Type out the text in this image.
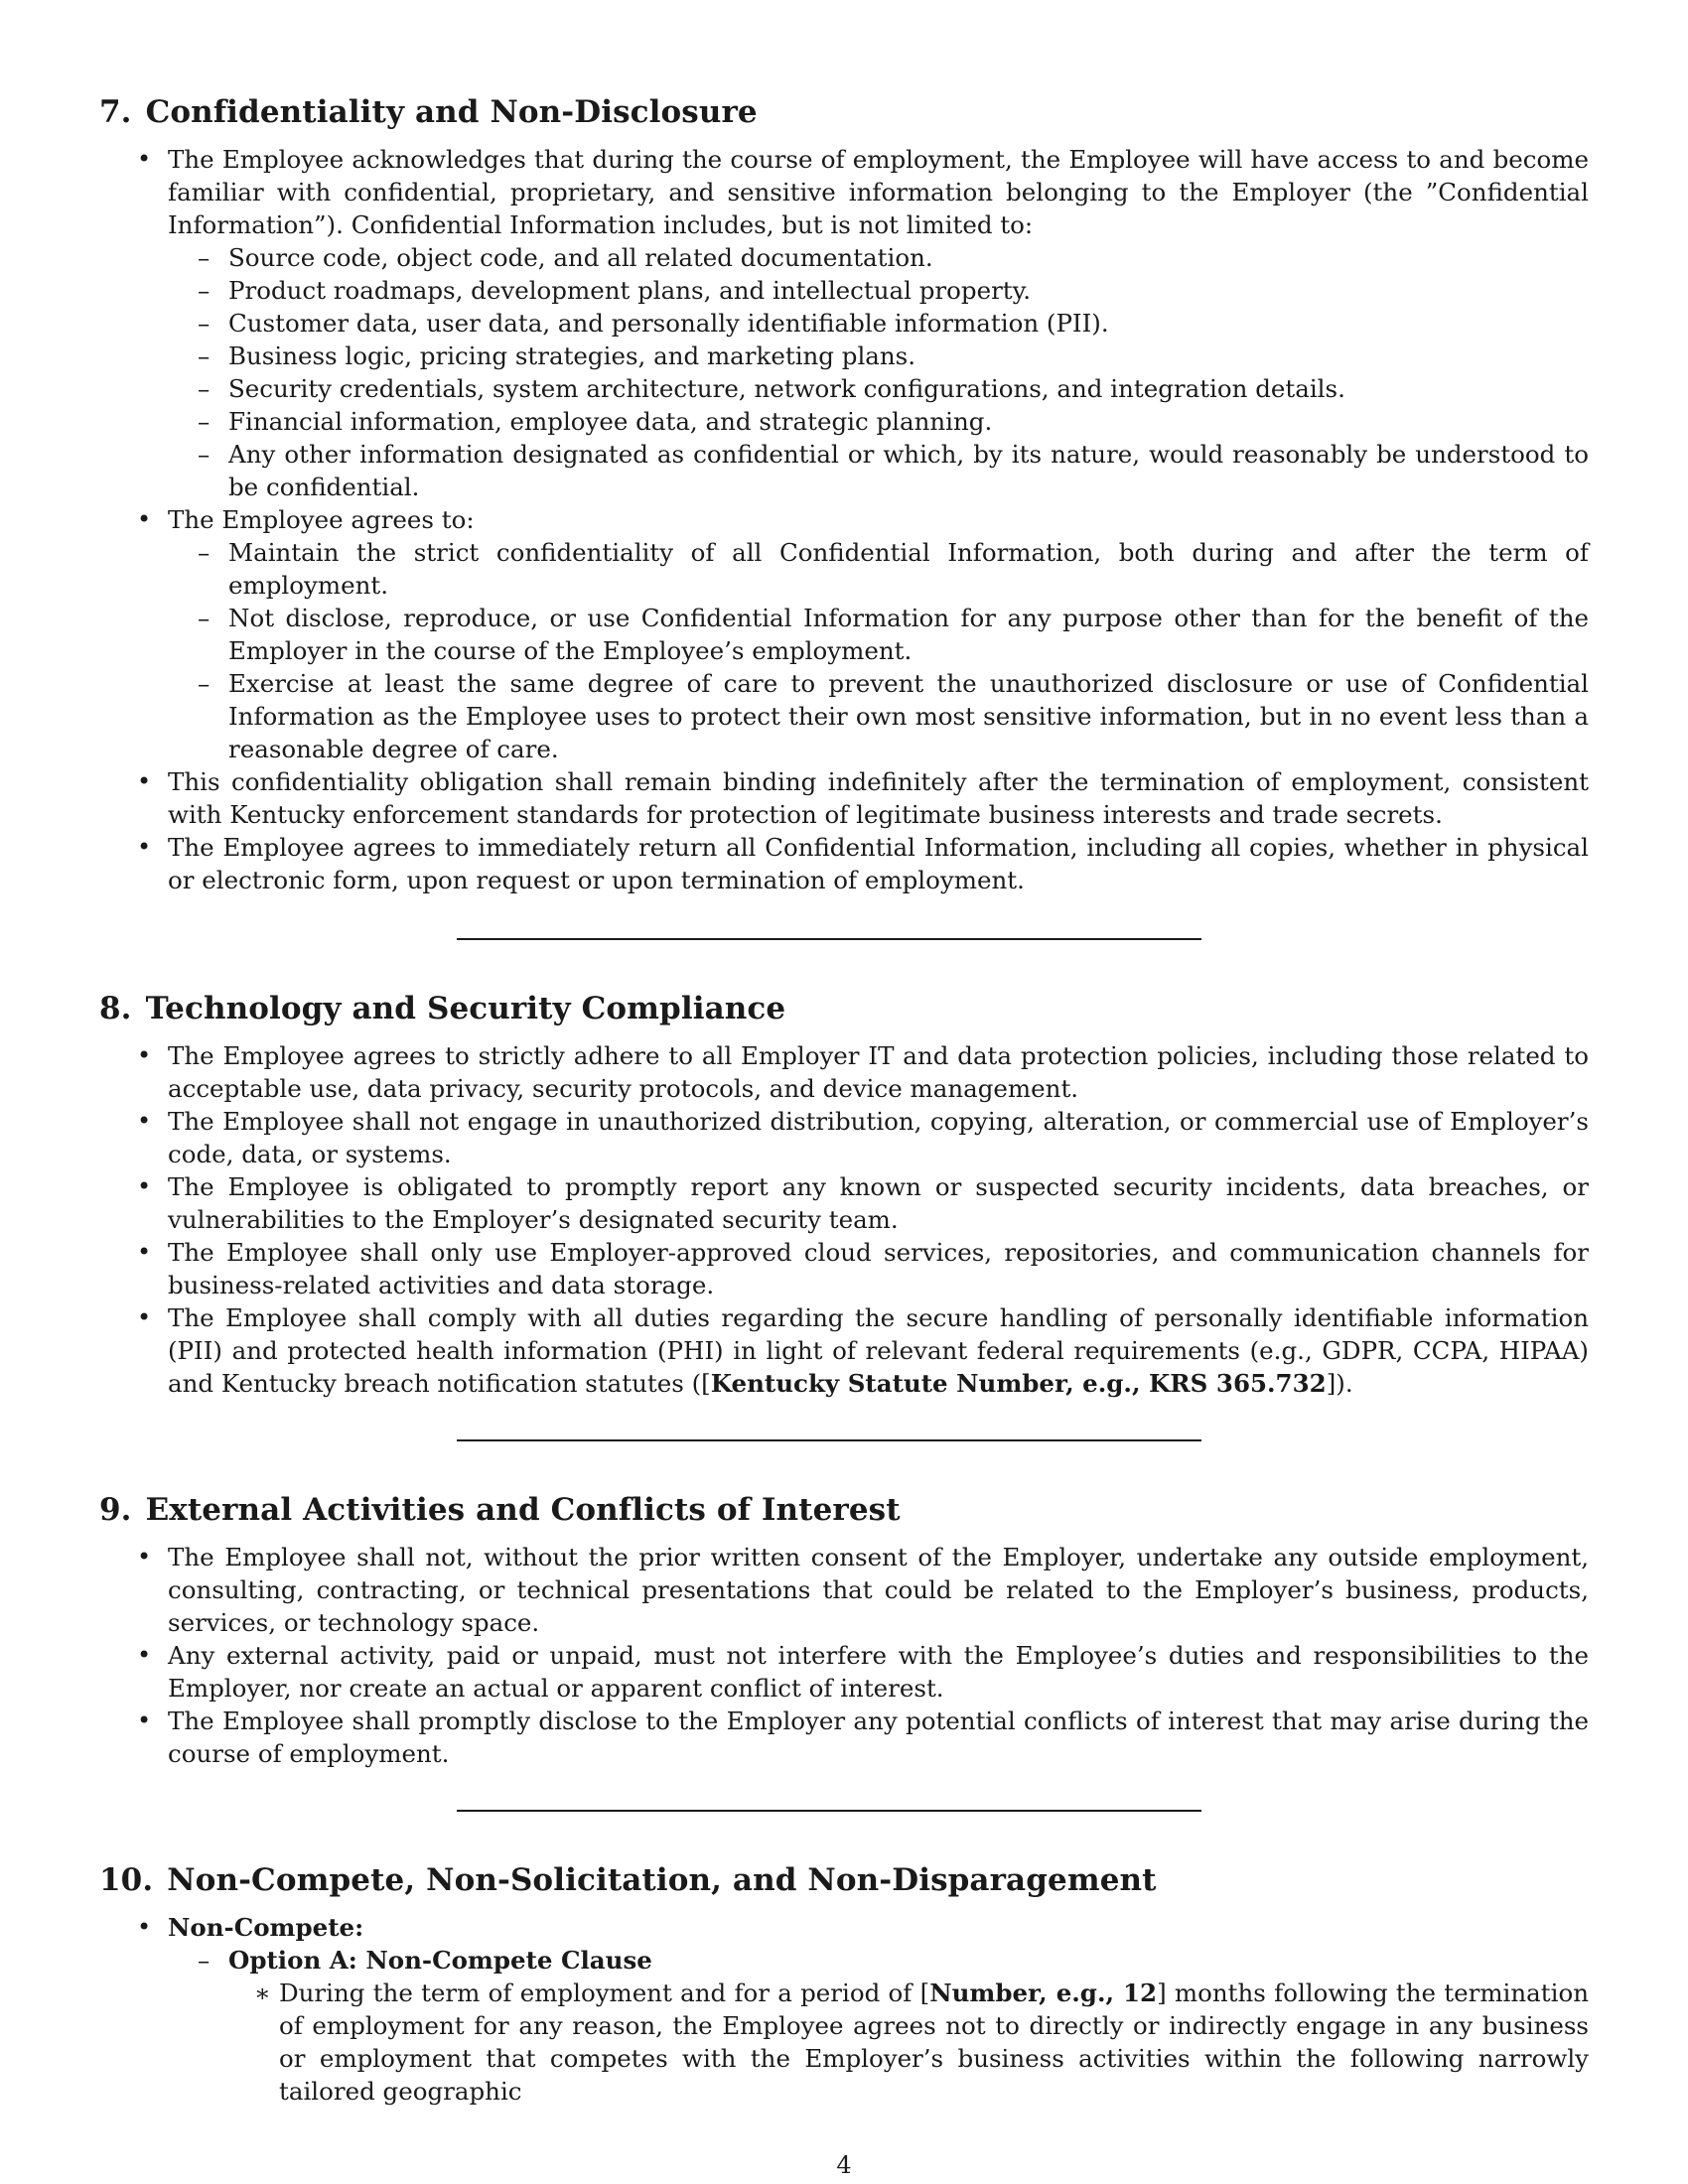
7. Confidentiality and Non-Disclosure
• The Employee acknowledges that during the course of employment, the Employee will have access to and become familiar with confidential, proprietary, and sensitive information belonging to the Employer (the ”Confidential Information”). Confidential Information includes, but is not limited to:
– Source code, object code, and all related documentation.
– Product roadmaps, development plans, and intellectual property.
– Customer data, user data, and personally identifiable information (PII).
– Business logic, pricing strategies, and marketing plans.
– Security credentials, system architecture, network configurations, and integration details.
– Financial information, employee data, and strategic planning.
– Any other information designated as confidential or which, by its nature, would reasonably be understood to be confidential.
• The Employee agrees to:
– Maintain the strict confidentiality of all Confidential Information, both during and after the term of employment.
– Not disclose, reproduce, or use Confidential Information for any purpose other than for the benefit of the Employer in the course of the Employee’s employment.
– Exercise at least the same degree of care to prevent the unauthorized disclosure or use of Confidential Information as the Employee uses to protect their own most sensitive information, but in no event less than a reasonable degree of care.
• This confidentiality obligation shall remain binding indefinitely after the termination of employment, consistent with Kentucky enforcement standards for protection of legitimate business interests and trade secrets.
• The Employee agrees to immediately return all Confidential Information, including all copies, whether in physical or electronic form, upon request or upon termination of employment.
8. Technology and Security Compliance
• The Employee agrees to strictly adhere to all Employer IT and data protection policies, including those related to acceptable use, data privacy, security protocols, and device management.
• The Employee shall not engage in unauthorized distribution, copying, alteration, or commercial use of Employer’s code, data, or systems.
• The Employee is obligated to promptly report any known or suspected security incidents, data breaches, or vulnerabilities to the Employer’s designated security team.
• The Employee shall only use Employer-approved cloud services, repositories, and communication channels for business-related activities and data storage.
• The Employee shall comply with all duties regarding the secure handling of personally identifiable information (PII) and protected health information (PHI) in light of relevant federal requirements (e.g., GDPR, CCPA, HIPAA) and Kentucky breach notification statutes ([Kentucky Statute Number, e.g., KRS 365.732]).
9. External Activities and Conflicts of Interest
• The Employee shall not, without the prior written consent of the Employer, undertake any outside employment, consulting, contracting, or technical presentations that could be related to the Employer’s business, products, services, or technology space.
• Any external activity, paid or unpaid, must not interfere with the Employee’s duties and responsibilities to the Employer, nor create an actual or apparent conflict of interest.
• The Employee shall promptly disclose to the Employer any potential conflicts of interest that may arise during the course of employment.
10. Non-Compete, Non-Solicitation, and Non-Disparagement
• Non-Compete:
– Option A: Non-Compete Clause
∗ During the term of employment and for a period of [Number, e.g., 12] months following the termination of employment for any reason, the Employee agrees not to directly or indirectly engage in any business or employment that competes with the Employer’s business activities within the following narrowly tailored geographic
4
